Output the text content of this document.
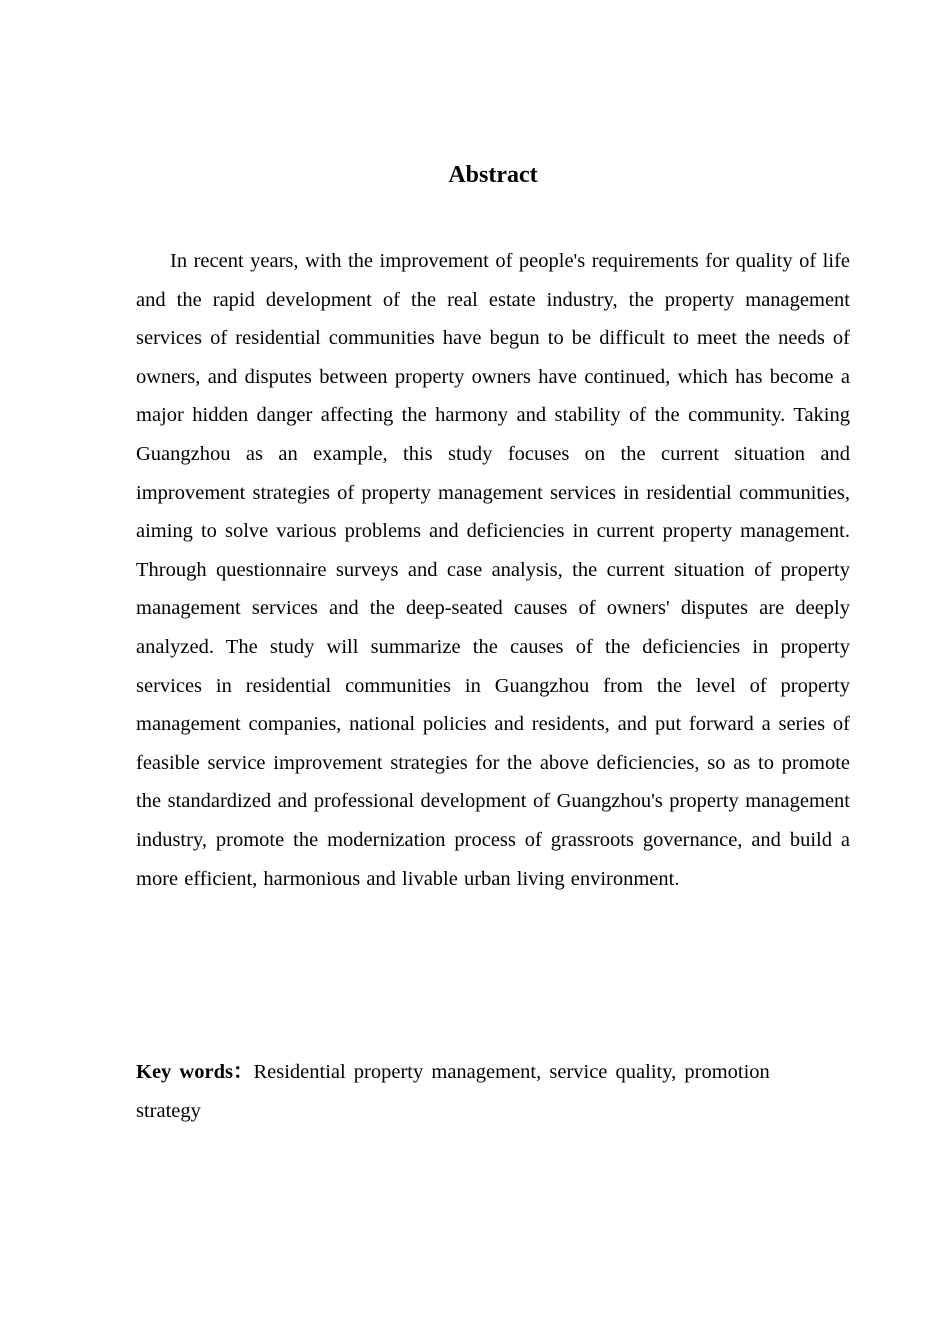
Abstract

In recent years, with the improvement of people's requirements for quality of life and the rapid development of the real estate industry, the property management services of residential communities have begun to be difficult to meet the needs of owners, and disputes between property owners have continued, which has become a major hidden danger affecting the harmony and stability of the community. Taking Guangzhou as an example, this study focuses on the current situation and improvement strategies of property management services in residential communities, aiming to solve various problems and deficiencies in current property management. Through questionnaire surveys and case analysis, the current situation of property management services and the deep-seated causes of owners' disputes are deeply analyzed. The study will summarize the causes of the deficiencies in property services in residential communities in Guangzhou from the level of property management companies, national policies and residents, and put forward a series of feasible service improvement strategies for the above deficiencies, so as to promote the standardized and professional development of Guangzhou's property management industry, promote the modernization process of grassroots governance, and build a more efficient, harmonious and livable urban living environment.

Key words：Residential property management, service quality, promotion strategy
